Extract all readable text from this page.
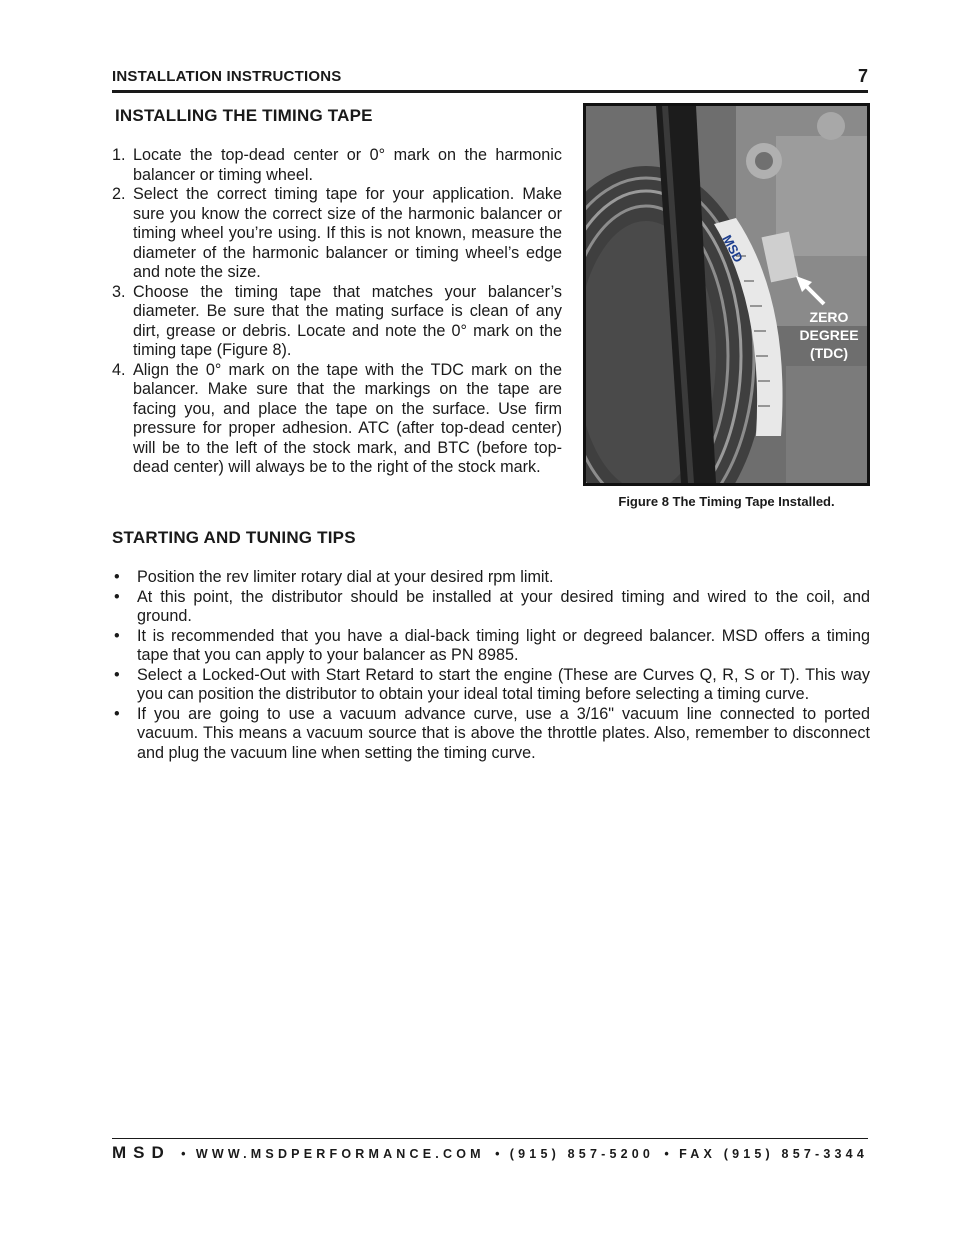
INSTALLATION INSTRUCTIONS	7
INSTALLING THE TIMING TAPE
1. Locate the top-dead center or 0° mark on the harmonic balancer or timing wheel.
2. Select the correct timing tape for your application. Make sure you know the correct size of the harmonic balancer or timing wheel you’re using. If this is not known, measure the diameter of the harmonic balancer or timing wheel’s edge and note the size.
3. Choose the timing tape that matches your balancer’s diameter. Be sure that the mating surface is clean of any dirt, grease or debris. Locate and note the 0° mark on the timing tape (Figure 8).
4. Align the 0° mark on the tape with the TDC mark on the balancer. Make sure that the markings on the tape are facing you, and place the tape on the surface. Use firm pressure for proper adhesion. ATC (after top-dead center) will be to the left of the stock mark, and BTC (before top-dead center) will always be to the right of the stock mark.
MSD
ZERO
DEGREE
(TDC)
Figure 8 The Timing Tape Installed.
STARTING AND TUNING TIPS
• Position the rev limiter rotary dial at your desired rpm limit.
• At this point, the distributor should be installed at your desired timing and wired to the coil, and ground.
• It is recommended that you have a dial-back timing light or degreed balancer. MSD offers a timing tape that you can apply to your balancer as PN 8985.
• Select a Locked-Out with Start Retard to start the engine (These are Curves Q, R, S or T). This way you can position the distributor to obtain your ideal total timing before selecting a timing curve.
• If you are going to use a vacuum advance curve, use a 3/16" vacuum line connected to ported vacuum. This means a vacuum source that is above the throttle plates. Also, remember to disconnect and plug the vacuum line when setting the timing curve.
MSD • WWW.MSDPERFORMANCE.COM • (915) 857-5200 • FAX (915) 857-3344
